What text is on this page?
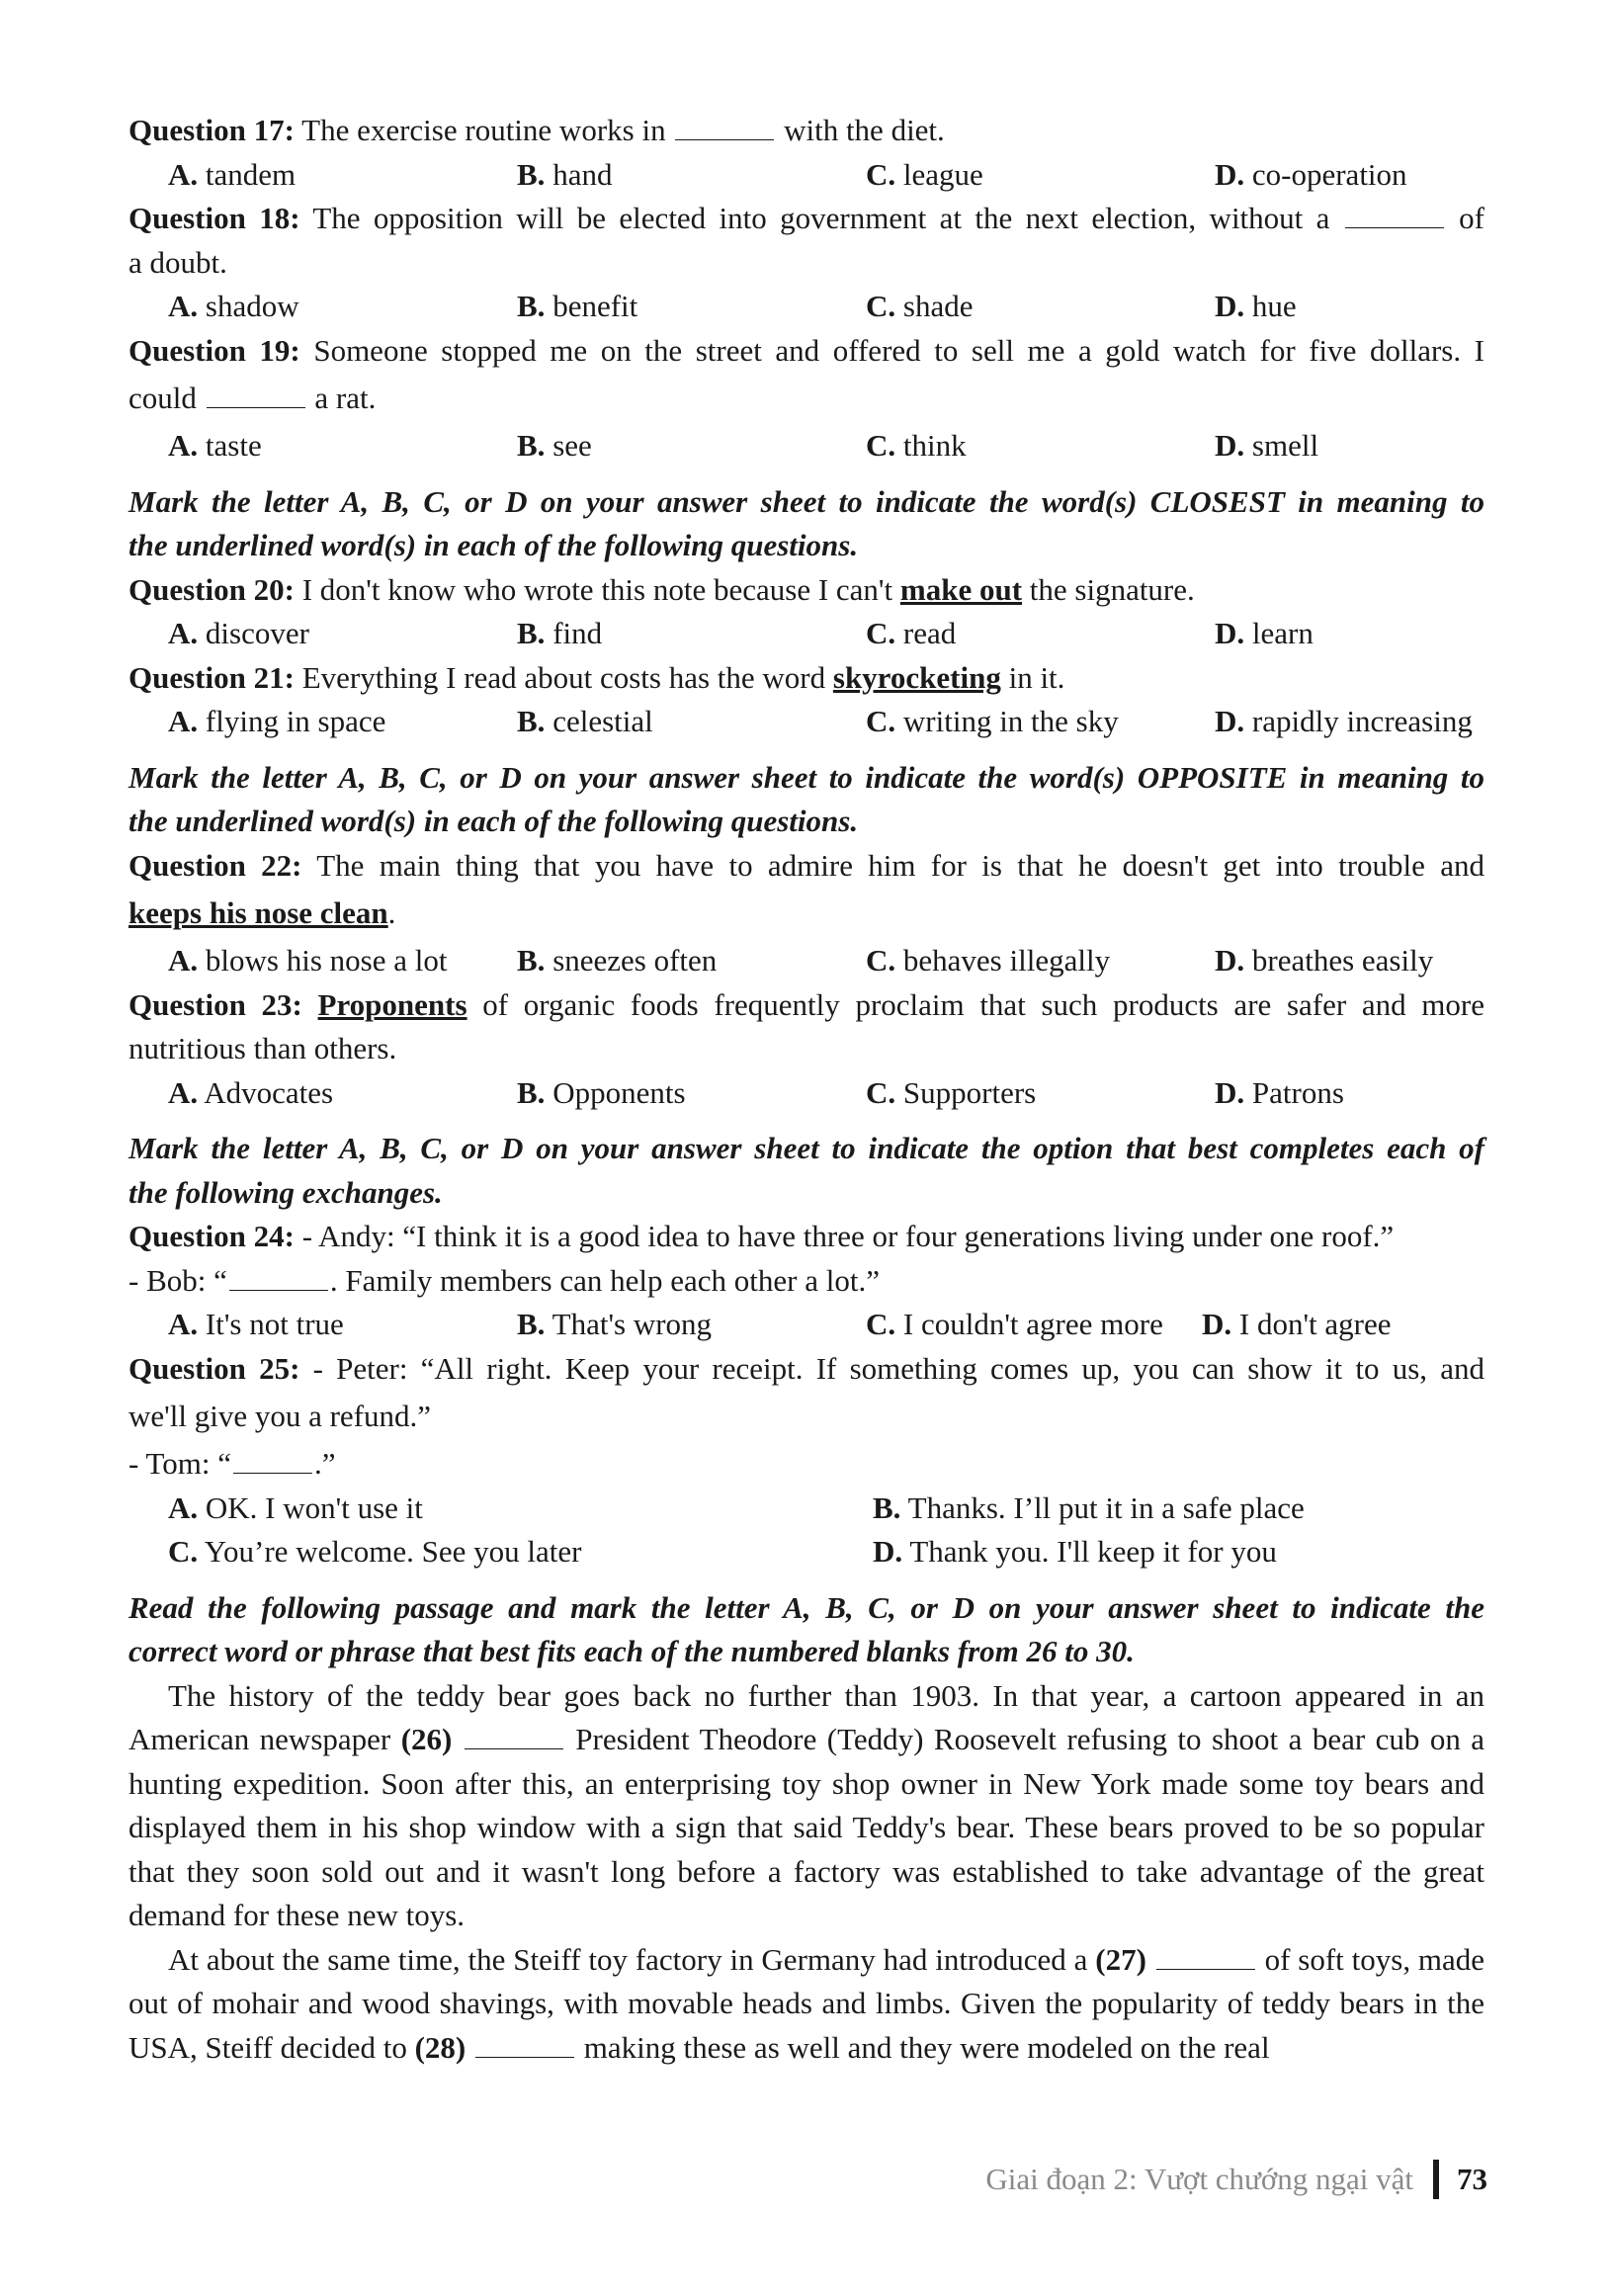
Question 17: The exercise routine works in	with the diet.
A. tandem	B. hand	C. league	D. co-operation
Question 18: The opposition will be elected into government at the next election, without a	of
a doubt.
A. shadow	B. benefit	C. shade	D. hue
Question 19: Someone stopped me on the street and offered to sell me a gold watch for five dollars. I
could	a rat.
A. taste	B. see	C. think	D. smell
Mark the letter A, B, C, or D on your answer sheet to indicate the word(s) CLOSEST in meaning to
the underlined word(s) in each of the following questions.
Question 20: I don't know who wrote this note because I can't make out the signature.
A. discover	B. find	C. read	D. learn
Question 21: Everything I read about costs has the word skyrocketing in it.
A. flying in space	B. celestial	C. writing in the sky	D. rapidly increasing
Mark the letter A, B, C, or D on your answer sheet to indicate the word(s) OPPOSITE in meaning to
the underlined word(s) in each of the following questions.
Question 22: The main thing that you have to admire him for is that he doesn't get into trouble and
keeps his nose clean.
A. blows his nose a lot	B. sneezes often	C. behaves illegally	D. breathes easily
Question 23: Proponents of organic foods frequently proclaim that such products are safer and more
nutritious than others.
A. Advocates	B. Opponents	C. Supporters	D. Patrons
Mark the letter A, B, C, or D on your answer sheet to indicate the option that best completes each of
the following exchanges.
Question 24: - Andy: “I think it is a good idea to have three or four generations living under one roof.”
- Bob: “	. Family members can help each other a lot.”
A. It's not true	B. That's wrong	C. I couldn't agree more	D. I don't agree
Question 25: - Peter: “All right. Keep your receipt. If something comes up, you can show it to us, and
we'll give you a refund.”
- Tom: “	.”
A. OK. I won't use it	B. Thanks. I’ll put it in a safe place
C. You’re welcome. See you later	D. Thank you. I'll keep it for you
Read the following passage and mark the letter A, B, C, or D on your answer sheet to indicate the
correct word or phrase that best fits each of the numbered blanks from 26 to 30.
The history of the teddy bear goes back no further than 1903. In that year, a cartoon appeared in an American newspaper (26)	President Theodore (Teddy) Roosevelt refusing to shoot a bear cub on a hunting expedition. Soon after this, an enterprising toy shop owner in New York made some toy bears and displayed them in his shop window with a sign that said Teddy's bear. These bears proved to be so popular that they soon sold out and it wasn't long before a factory was established to take advantage of the great demand for these new toys.
At about the same time, the Steiff toy factory in Germany had introduced a (27)	of soft toys, made out of mohair and wood shavings, with movable heads and limbs. Given the popularity of teddy bears in the USA, Steiff decided to (28)	making these as well and they were modeled on the real
Giai đoạn 2: Vượt chướng ngại vật 73
